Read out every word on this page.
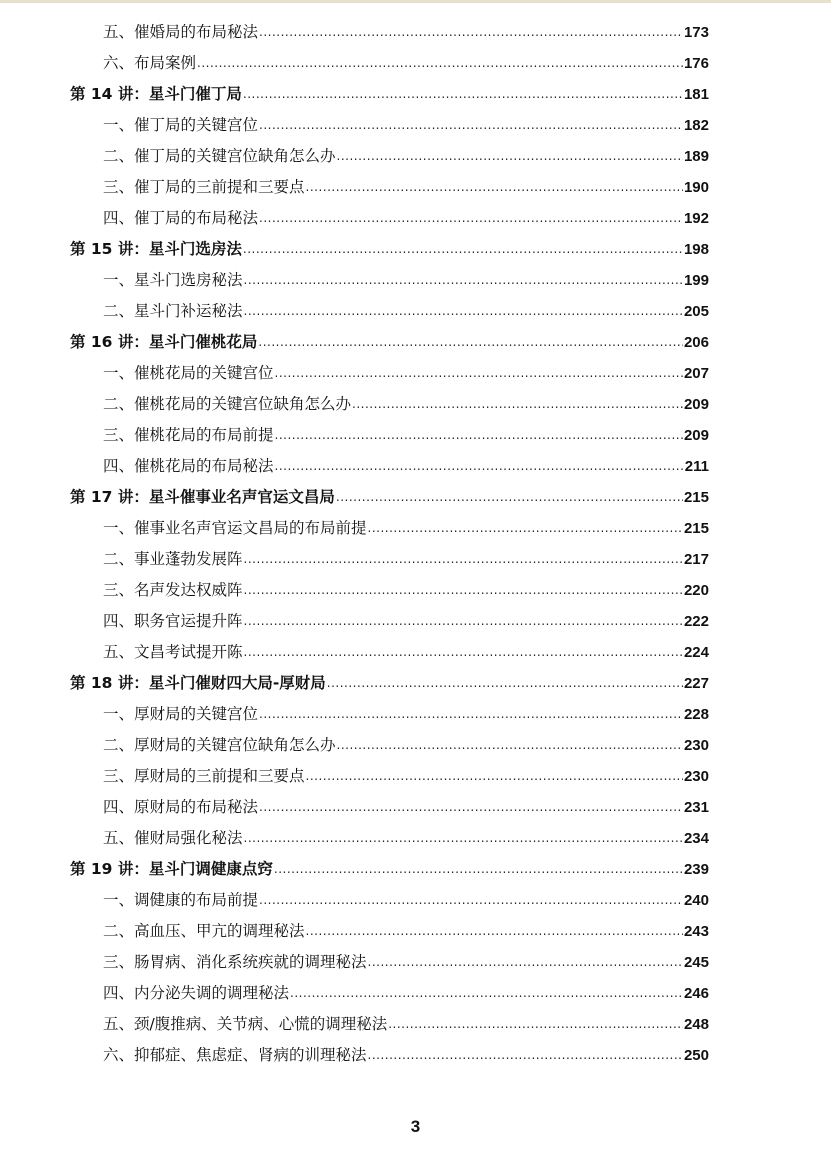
五、催婚局的布局秘法 .....	173
六、布局案例 .....	176
第 14 讲：星斗门催丁局 .....	181
一、催丁局的关键宫位 .....	182
二、催丁局的关键宫位缺角怎么办 .....	189
三、催丁局的三前提和三要点 .....	190
四、催丁局的布局秘法 .....	192
第 15 讲：星斗门选房法 .....	198
一、星斗门选房秘法 .....	199
二、星斗门补运秘法 .....	205
第 16 讲：星斗门催桃花局 .....	206
一、催桃花局的关键宫位 .....	207
二、催桃花局的关键宫位缺角怎么办 .....	209
三、催桃花局的布局前提 .....	209
四、催桃花局的布局秘法 .....	211
第 17 讲：星斗催事业名声官运文昌局 .....	215
一、催事业名声官运文昌局的布局前提 .....	215
二、事业蓬勃发展阵 .....	217
三、名声发达权威阵 .....	220
四、职务官运提升阵 .....	222
五、文昌考试提开陈 .....	224
第 18 讲：星斗门催财四大局-厚财局 .....	227
一、厚财局的关键宫位 .....	228
二、厚财局的关键宫位缺角怎么办 .....	230
三、厚财局的三前提和三要点 .....	230
四、原财局的布局秘法 .....	231
五、催财局强化秘法 .....	234
第 19 讲：星斗门调健康点窍 .....	239
一、调健康的布局前提 .....	240
二、高血压、甲亢的调理秘法 .....	243
三、肠胃病、消化系统疾就的调理秘法 .....	245
四、内分泌失调的调理秘法 .....	246
五、颈/腹推病、关节病、心慌的调理秘法 .....	248
六、抑郁症、焦虑症、肾病的训理秘法 .....	250
3
